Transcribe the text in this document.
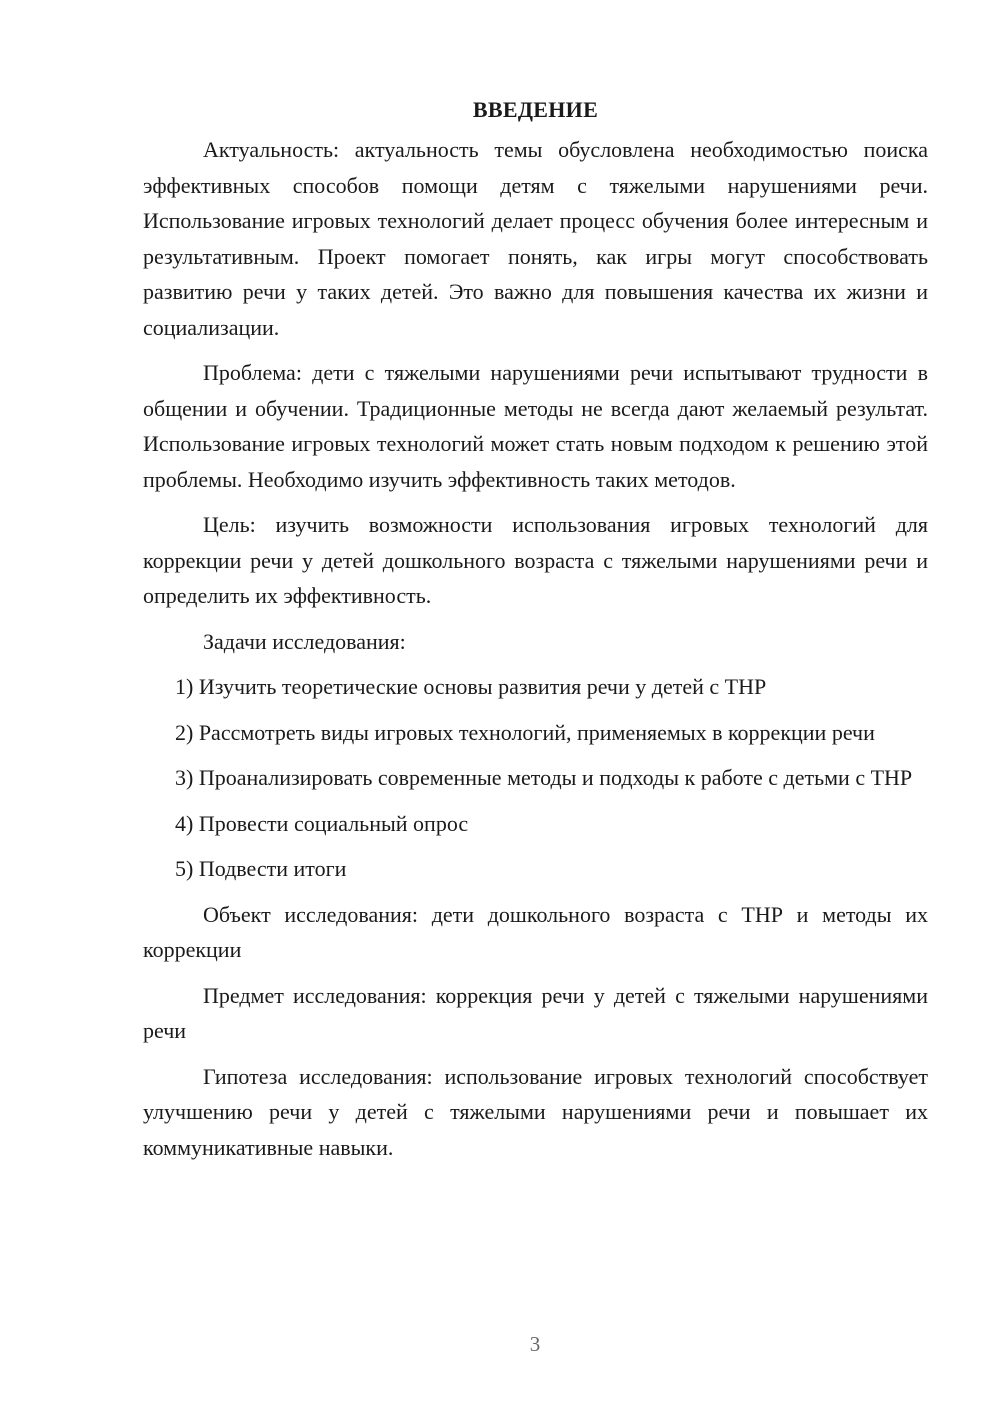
ВВЕДЕНИЕ

Актуальность: актуальность темы обусловлена необходимостью поиска эффективных способов помощи детям с тяжелыми нарушениями речи. Использование игровых технологий делает процесс обучения более интересным и результативным. Проект помогает понять, как игры могут способствовать развитию речи у таких детей. Это важно для повышения качества их жизни и социализации.

Проблема: дети с тяжелыми нарушениями речи испытывают трудности в общении и обучении. Традиционные методы не всегда дают желаемый результат. Использование игровых технологий может стать новым подходом к решению этой проблемы. Необходимо изучить эффективность таких методов.

Цель: изучить возможности использования игровых технологий для коррекции речи у детей дошкольного возраста с тяжелыми нарушениями речи и определить их эффективность.

Задачи исследования:

1) Изучить теоретические основы развития речи у детей с ТНР

2) Рассмотреть виды игровых технологий, применяемых в коррекции речи

3) Проанализировать современные методы и подходы к работе с детьми с ТНР

4) Провести социальный опрос

5) Подвести итоги

Объект исследования: дети дошкольного возраста с ТНР и методы их коррекции

Предмет исследования: коррекция речи у детей с тяжелыми нарушениями речи

Гипотеза исследования: использование игровых технологий способствует улучшению речи у детей с тяжелыми нарушениями речи и повышает их коммуникативные навыки.

3
